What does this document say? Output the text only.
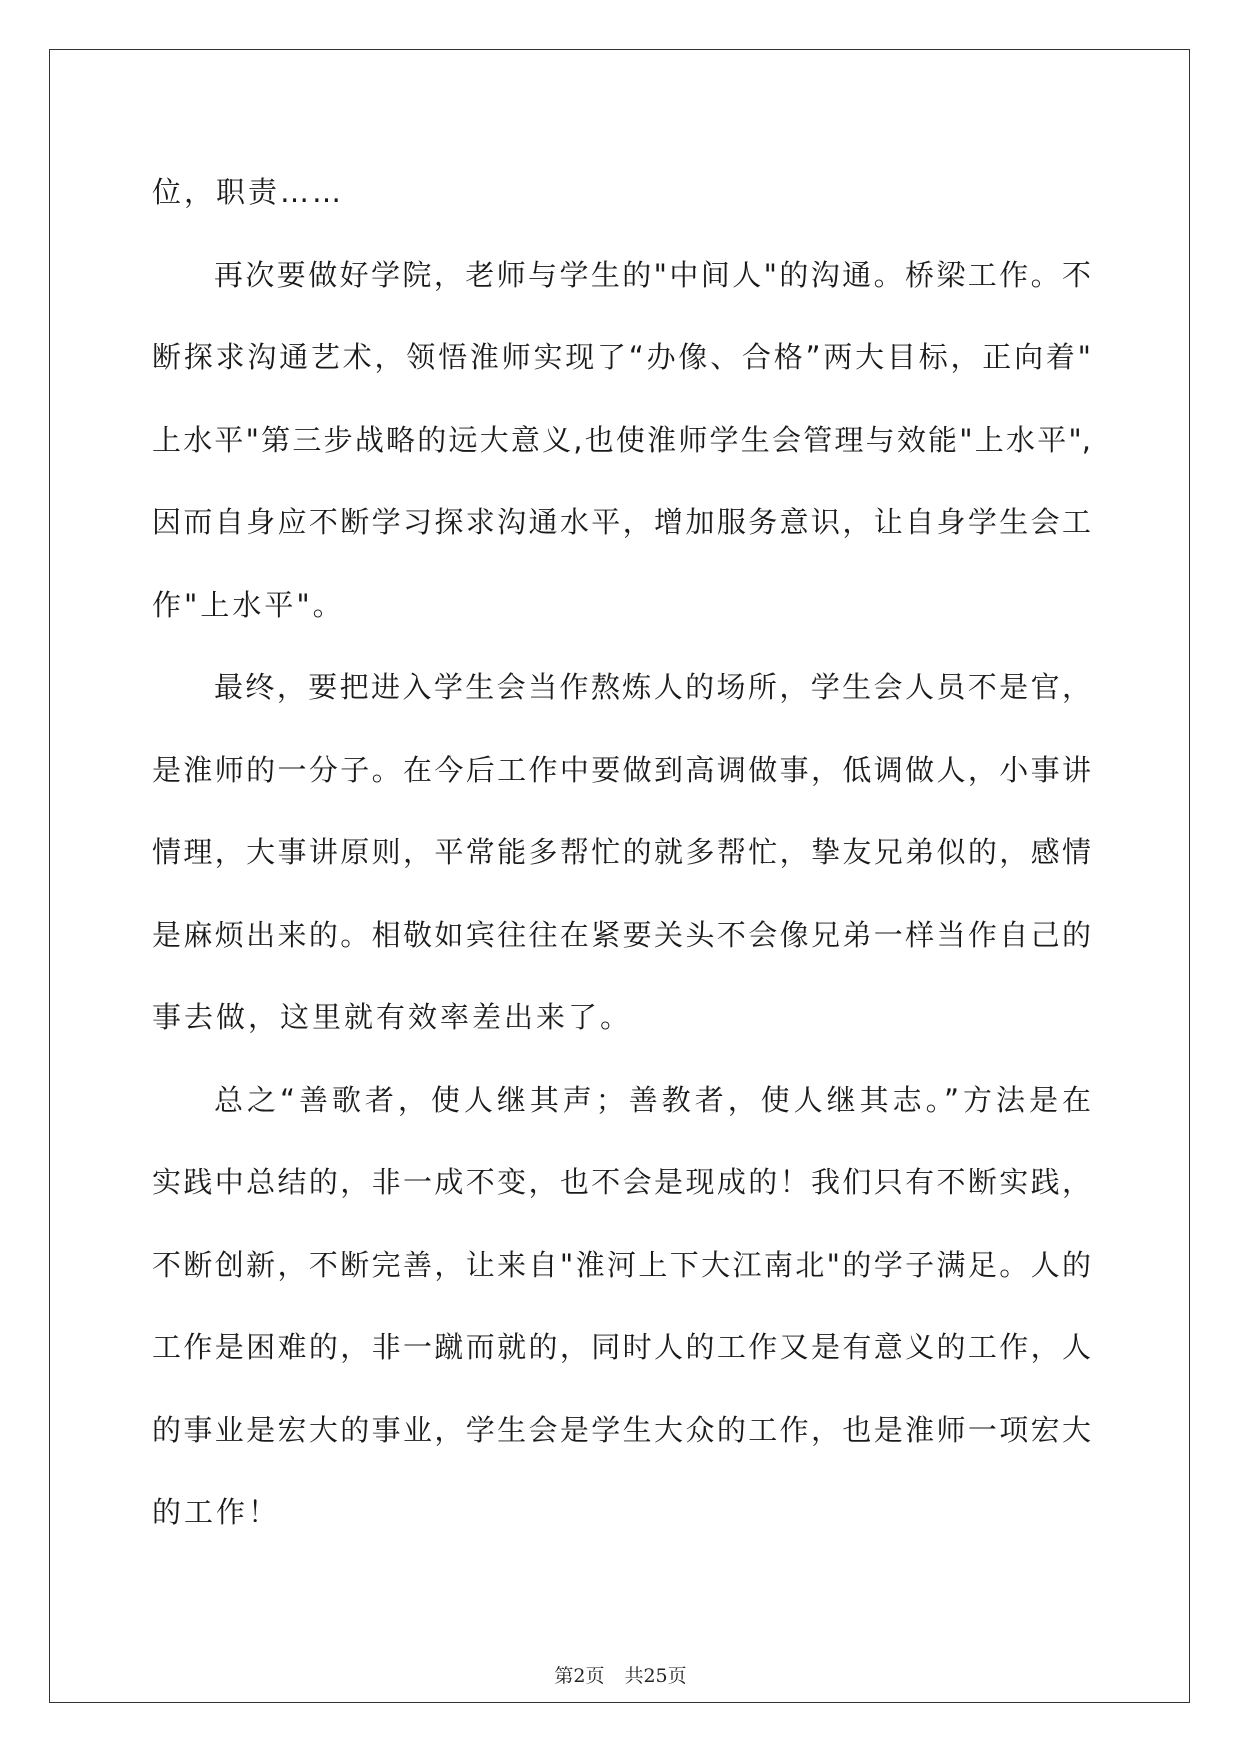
位，职责……
再次要做好学院，老师与学生的"中间人"的沟通。桥梁工作。不
断探求沟通艺术，领悟淮师实现了“办像、合格”两大目标，正向着"
上水平"第三步战略的远大意义,也使淮师学生会管理与效能"上水平",
因而自身应不断学习探求沟通水平，增加服务意识，让自身学生会工
作"上水平"。
最终，要把进入学生会当作熬炼人的场所，学生会人员不是官，
是淮师的一分子。在今后工作中要做到高调做事，低调做人，小事讲
情理，大事讲原则，平常能多帮忙的就多帮忙，挚友兄弟似的，感情
是麻烦出来的。相敬如宾往往在紧要关头不会像兄弟一样当作自己的
事去做，这里就有效率差出来了。
总之“善歌者，使人继其声；善教者，使人继其志。”方法是在
实践中总结的，非一成不变，也不会是现成的！我们只有不断实践，
不断创新，不断完善，让来自"淮河上下大江南北"的学子满足。人的
工作是困难的，非一蹴而就的，同时人的工作又是有意义的工作，人
的事业是宏大的事业，学生会是学生大众的工作，也是淮师一项宏大
的工作！
第2页 共25页
